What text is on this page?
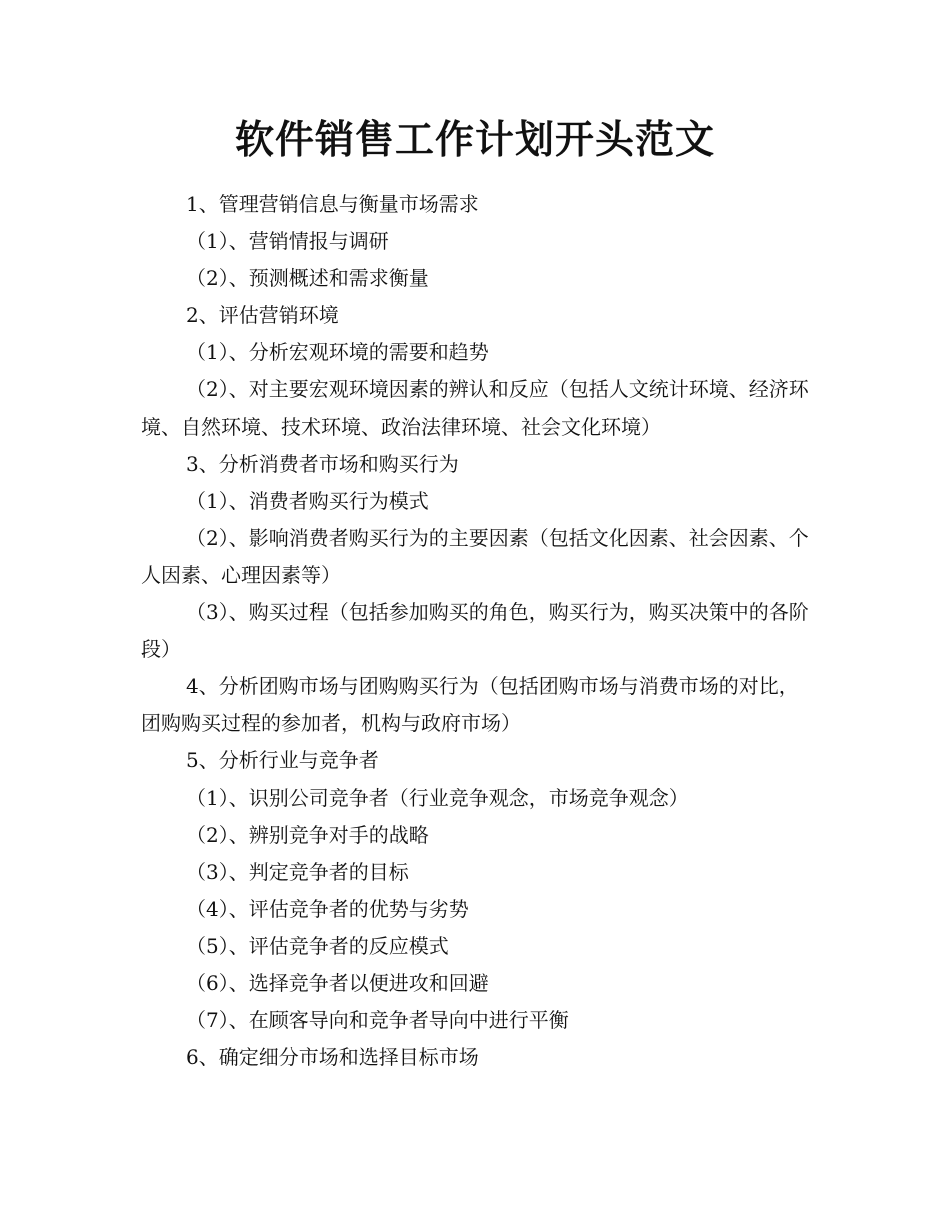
软件销售工作计划开头范文

1、管理营销信息与衡量市场需求

（1）、营销情报与调研

（2）、预测概述和需求衡量

2、评估营销环境

（1）、分析宏观环境的需要和趋势

（2）、对主要宏观环境因素的辨认和反应（包括人文统计环境、经济环境、自然环境、技术环境、政治法律环境、社会文化环境）

3、分析消费者市场和购买行为

（1）、消费者购买行为模式

（2）、影响消费者购买行为的主要因素（包括文化因素、社会因素、个人因素、心理因素等）

（3）、购买过程（包括参加购买的角色，购买行为，购买决策中的各阶段）

4、分析团购市场与团购购买行为（包括团购市场与消费市场的对比，团购购买过程的参加者，机构与政府市场）

5、分析行业与竞争者

（1）、识别公司竞争者（行业竞争观念，市场竞争观念）

（2）、辨别竞争对手的战略

（3）、判定竞争者的目标

（4）、评估竞争者的优势与劣势

（5）、评估竞争者的反应模式

（6）、选择竞争者以便进攻和回避

（7）、在顾客导向和竞争者导向中进行平衡

6、确定细分市场和选择目标市场
